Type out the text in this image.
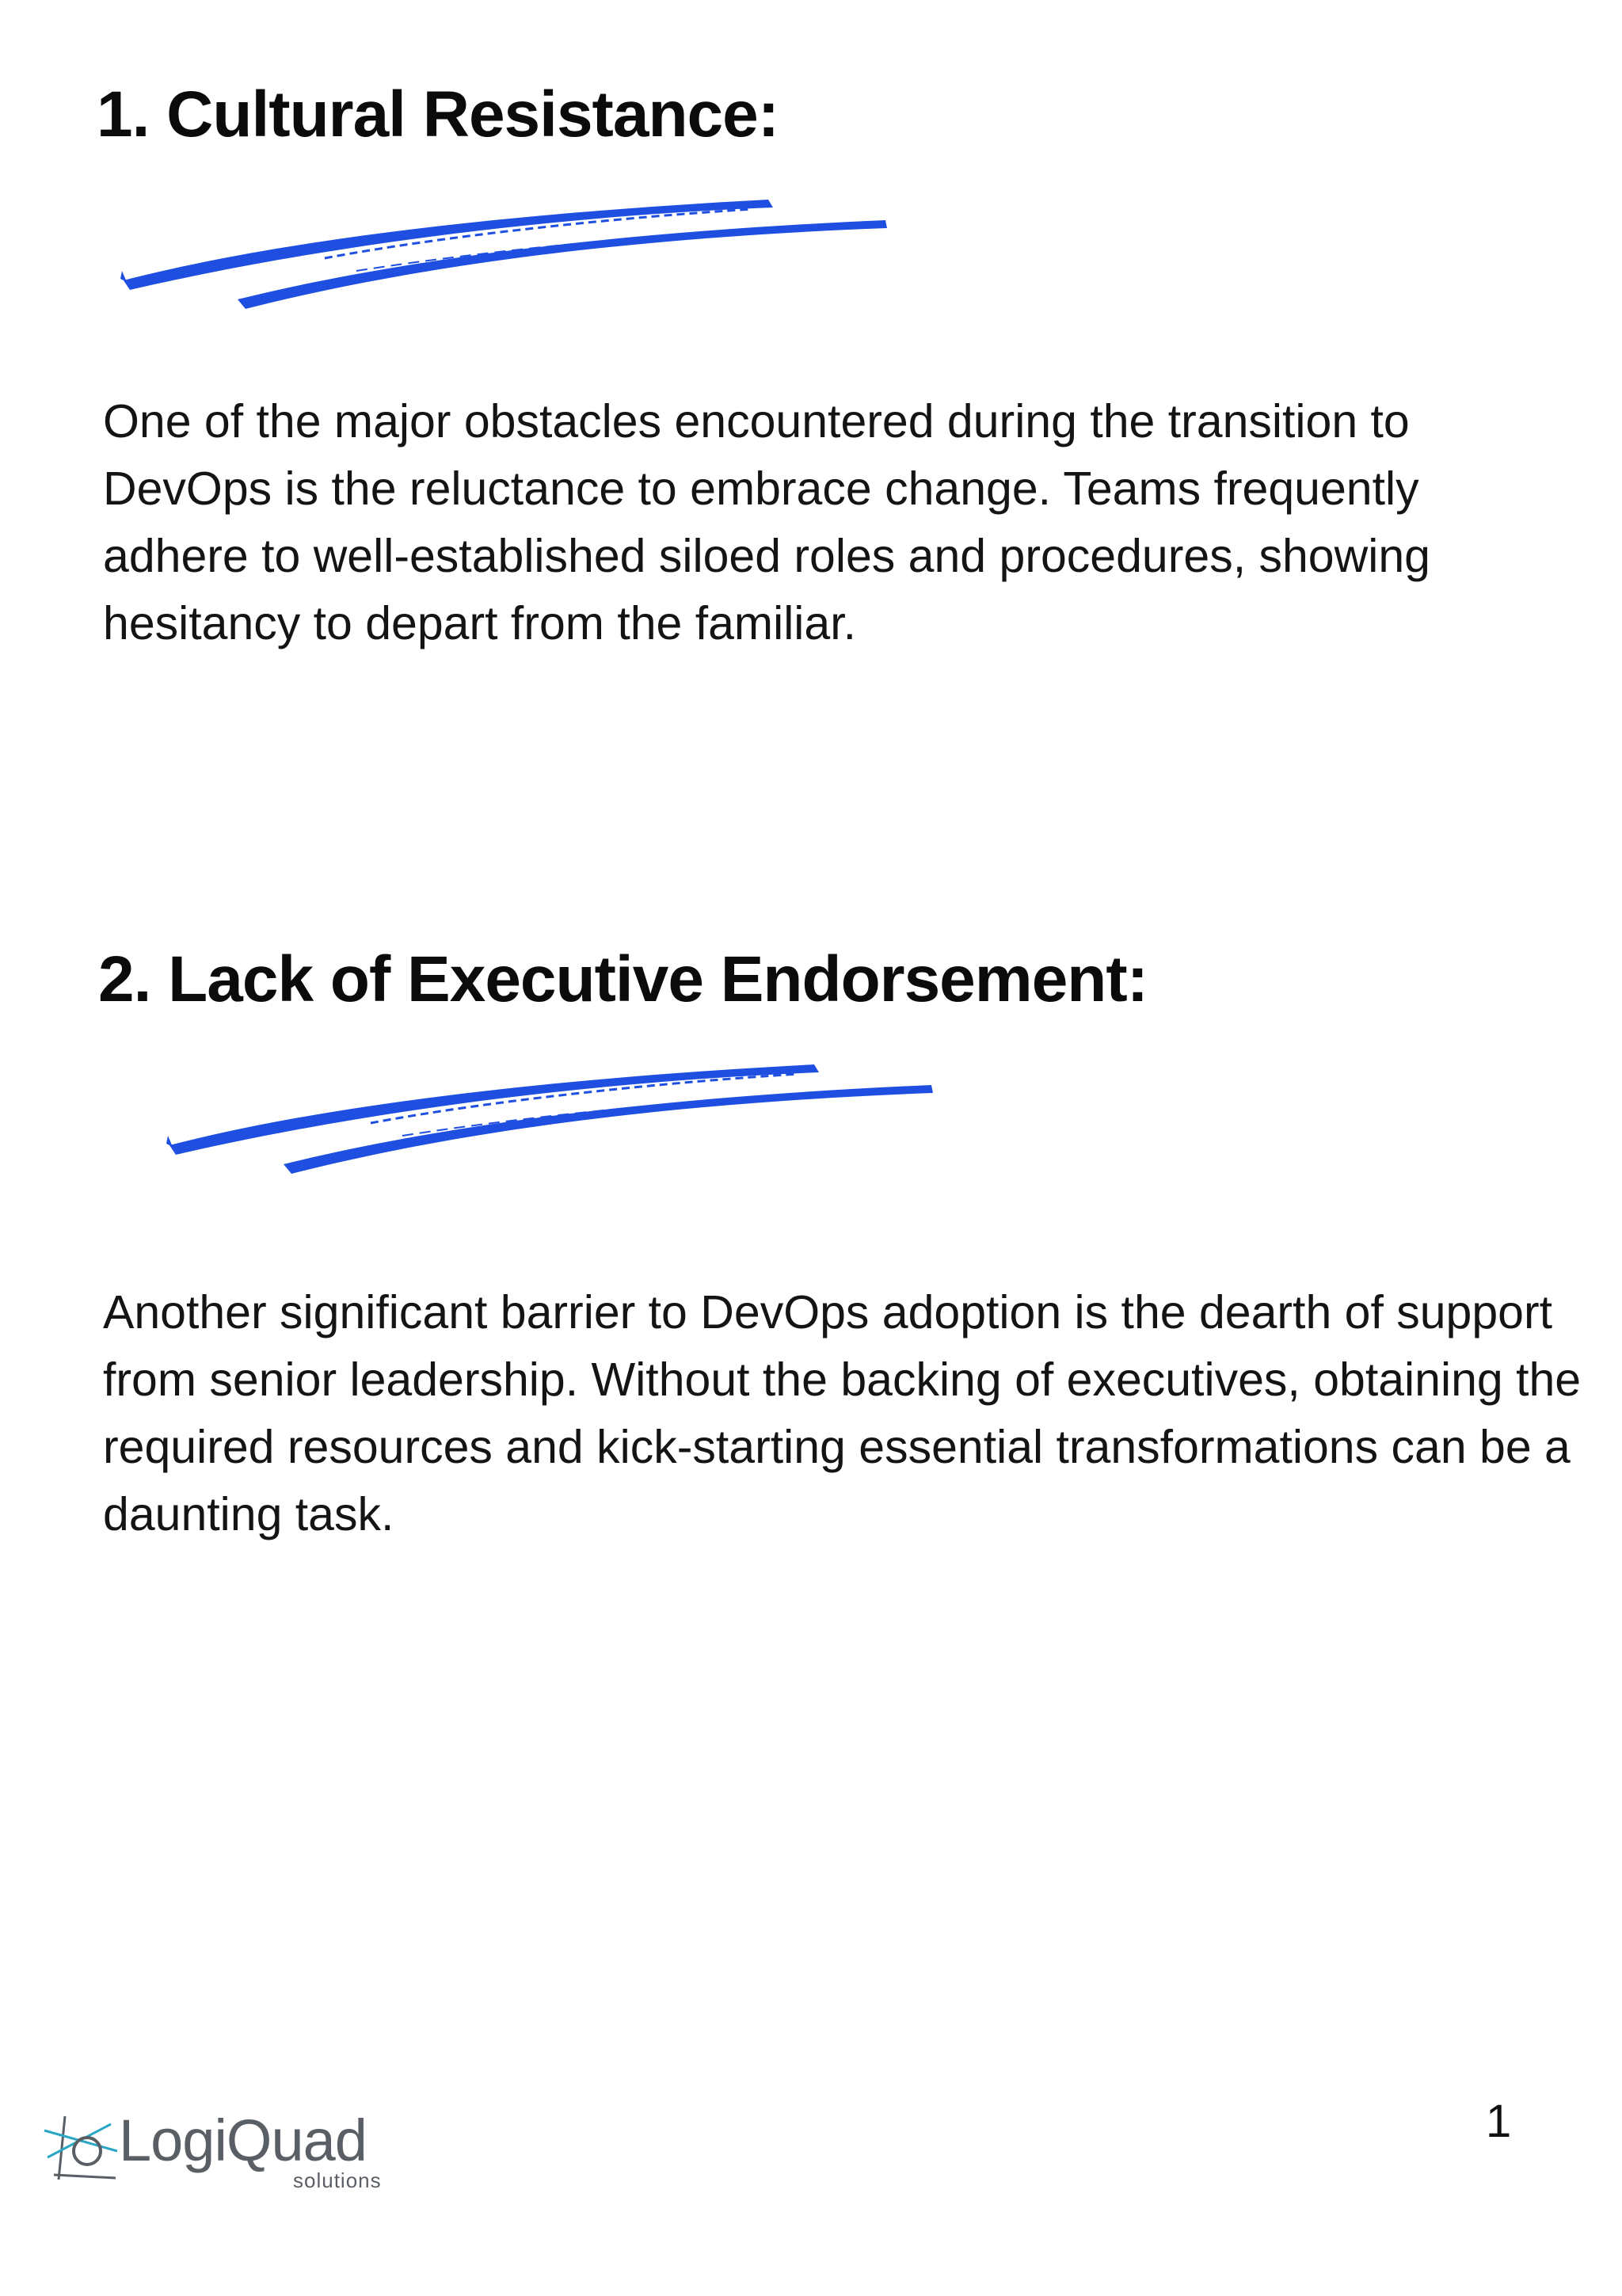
1. Cultural Resistance:

One of the major obstacles encountered during the transition to DevOps is the reluctance to embrace change. Teams frequently adhere to well-established siloed roles and procedures, showing hesitancy to depart from the familiar.

2. Lack of Executive Endorsement:

Another significant barrier to DevOps adoption is the dearth of support from senior leadership. Without the backing of executives, obtaining the required resources and kick-starting essential transformations can be a daunting task.

LogiQuad
solutions
1
